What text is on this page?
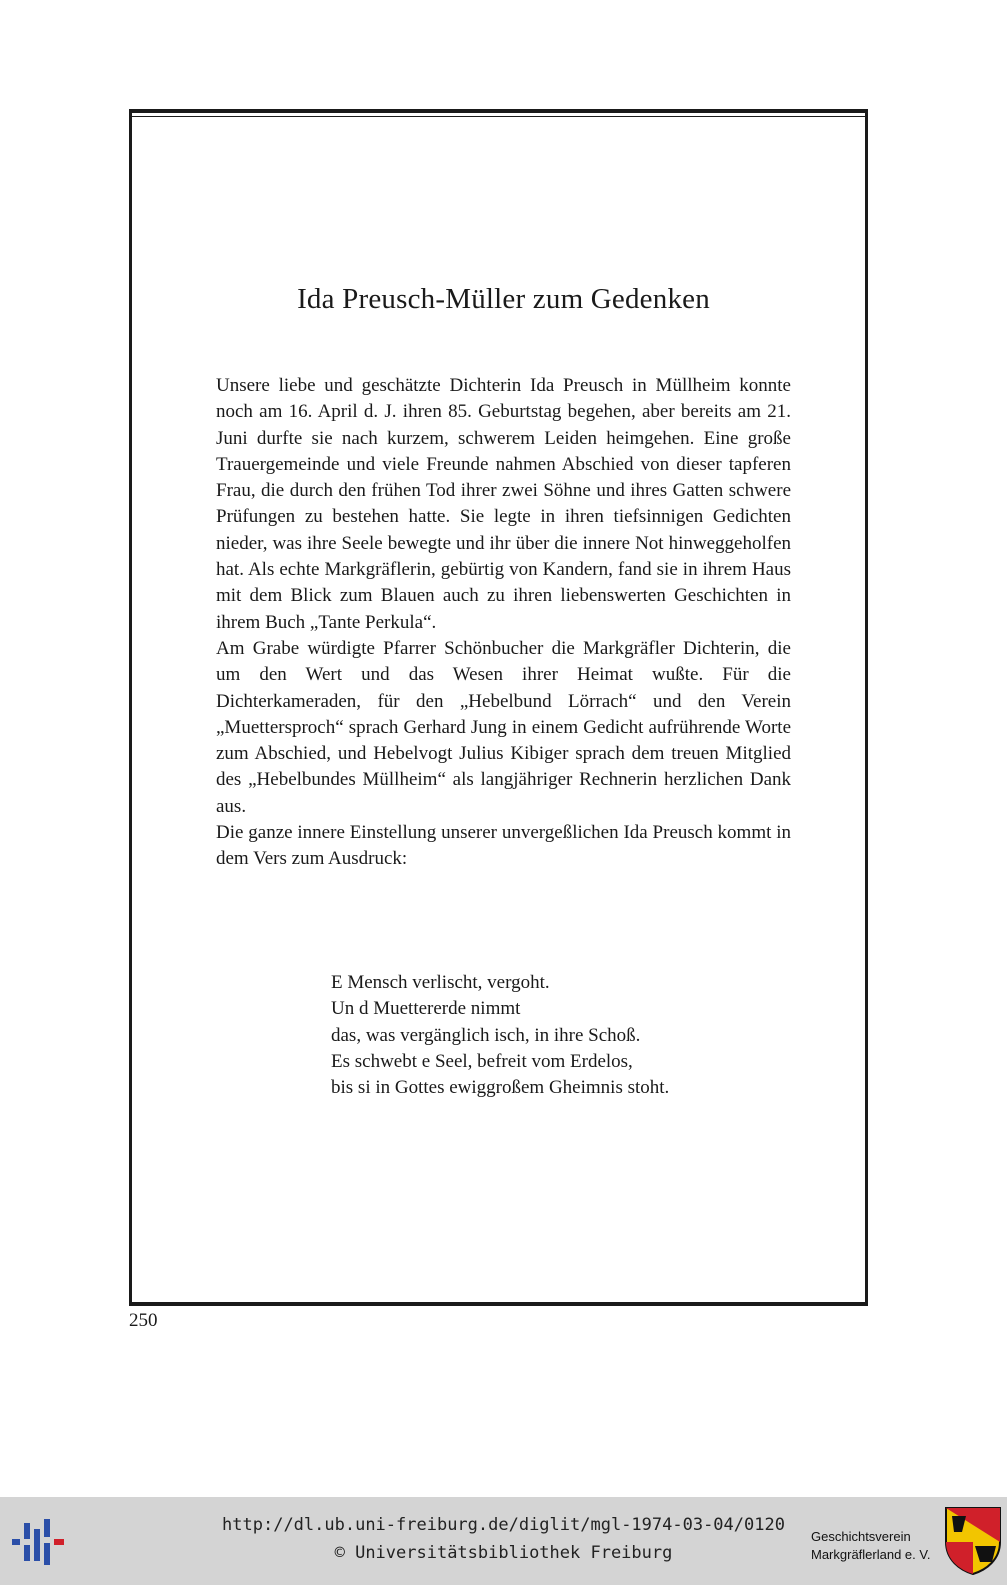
Ida Preusch-Müller zum Gedenken

Unsere liebe und geschätzte Dichterin Ida Preusch in Müllheim konnte noch am 16. April d. J. ihren 85. Geburtstag begehen, aber bereits am 21. Juni durfte sie nach kurzem, schwerem Leiden heimgehen. Eine große Trauergemeinde und viele Freunde nahmen Abschied von dieser tapferen Frau, die durch den frühen Tod ihrer zwei Söhne und ihres Gatten schwere Prüfungen zu bestehen hatte. Sie legte in ihren tiefsinnigen Gedichten nieder, was ihre Seele bewegte und ihr über die innere Not hinweggeholfen hat. Als echte Markgräflerin, gebürtig von Kandern, fand sie in ihrem Haus mit dem Blick zum Blauen auch zu ihren liebenswerten Geschichten in ihrem Buch „Tante Perkula“.

Am Grabe würdigte Pfarrer Schönbucher die Markgräfler Dichterin, die um den Wert und das Wesen ihrer Heimat wußte. Für die Dichterkameraden, für den „Hebelbund Lörrach“ und den Verein „Muettersproch“ sprach Gerhard Jung in einem Gedicht aufrührende Worte zum Abschied, und Hebelvogt Julius Kibiger sprach dem treuen Mitglied des „Hebelbundes Müllheim“ als langjähriger Rechnerin herzlichen Dank aus.

Die ganze innere Einstellung unserer unvergeßlichen Ida Preusch kommt in dem Vers zum Ausdruck:

E Mensch verlischt, vergoht.
Un d Muettererde nimmt
das, was vergänglich isch, in ihre Schoß.
Es schwebt e Seel, befreit vom Erdelos,
bis si in Gottes ewiggroßem Gheimnis stoht.
250
http://dl.ub.uni-freiburg.de/diglit/mgl-1974-03-04/0120
© Universitätsbibliothek Freiburg
Geschichtsverein
Markgräflerland e. V.
